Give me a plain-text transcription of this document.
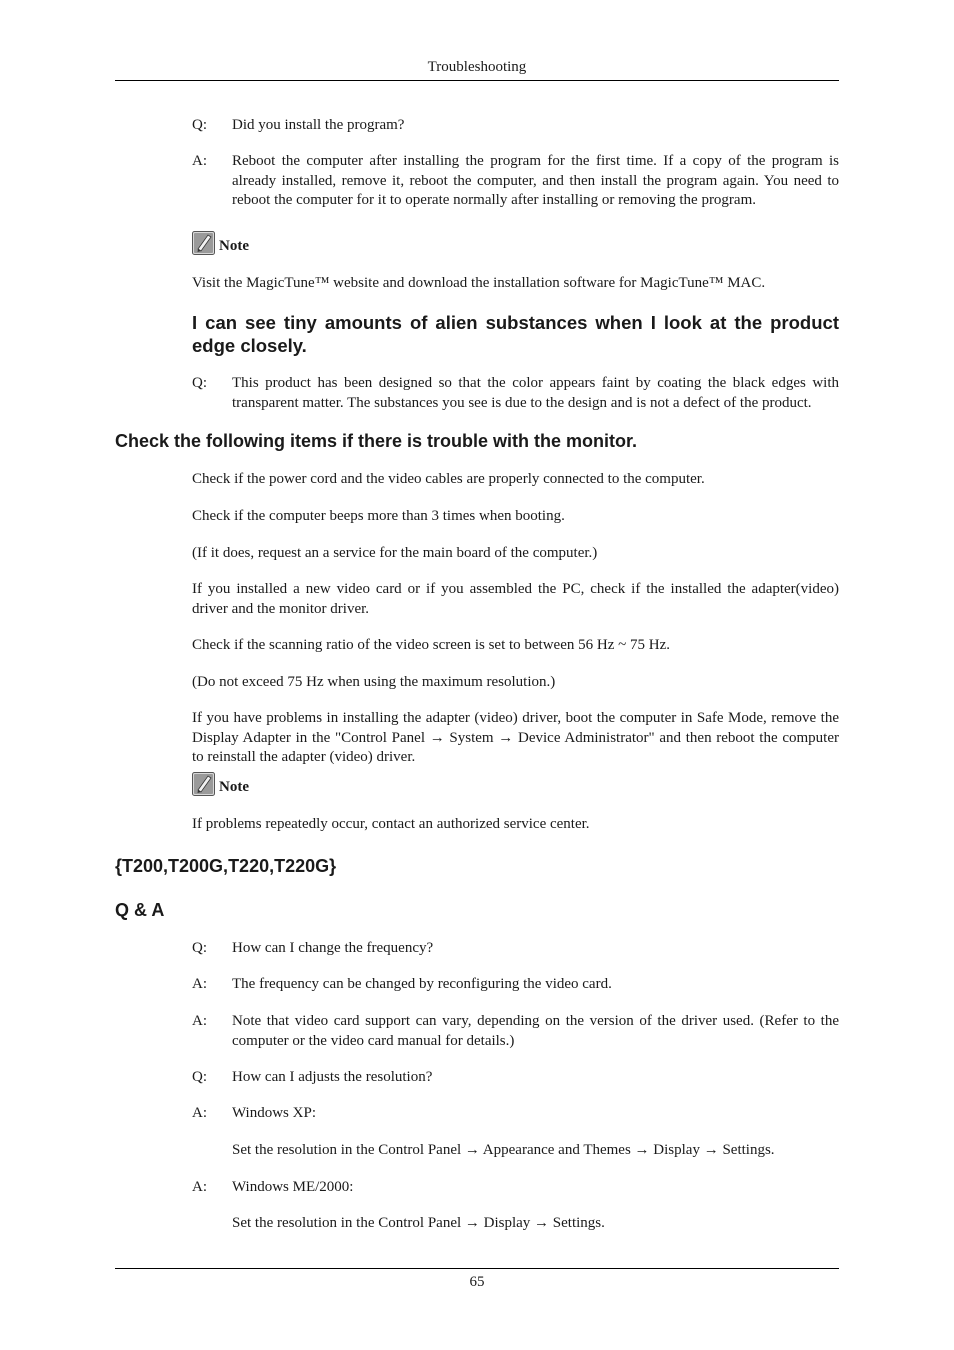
Troubleshooting
Q: Did you install the program?
A: Reboot the computer after installing the program for the first time. If a copy of the program is already installed, remove it, reboot the computer, and then install the program again. You need to reboot the computer for it to operate normally after installing or removing the program.
Note

Visit the MagicTune™ website and download the installation software for MagicTune™ MAC.

I can see tiny amounts of alien substances when I look at the product edge closely.
Q: This product has been designed so that the color appears faint by coating the black edges with transparent matter. The substances you see is due to the design and is not a defect of the product.
Check the following items if there is trouble with the monitor.

Check if the power cord and the video cables are properly connected to the computer.

Check if the computer beeps more than 3 times when booting.

(If it does, request an a service for the main board of the computer.)

If you installed a new video card or if you assembled the PC, check if the installed the adapter(video) driver and the monitor driver.

Check if the scanning ratio of the video screen is set to between 56 Hz ~ 75 Hz.

(Do not exceed 75 Hz when using the maximum resolution.)

If you have problems in installing the adapter (video) driver, boot the computer in Safe Mode, remove the Display Adapter in the "Control Panel → System → Device Administrator" and then reboot the computer to reinstall the adapter (video) driver.

Note

If problems repeatedly occur, contact an authorized service center.

{T200,T200G,T220,T220G}
Q & A
Q: How can I change the frequency?
A: The frequency can be changed by reconfiguring the video card.
A: Note that video card support can vary, depending on the version of the driver used. (Refer to the computer or the video card manual for details.)
Q: How can I adjusts the resolution?
A: Windows XP:

Set the resolution in the Control Panel → Appearance and Themes → Display → Settings.

A: Windows ME/2000:

Set the resolution in the Control Panel → Display → Settings.

65
